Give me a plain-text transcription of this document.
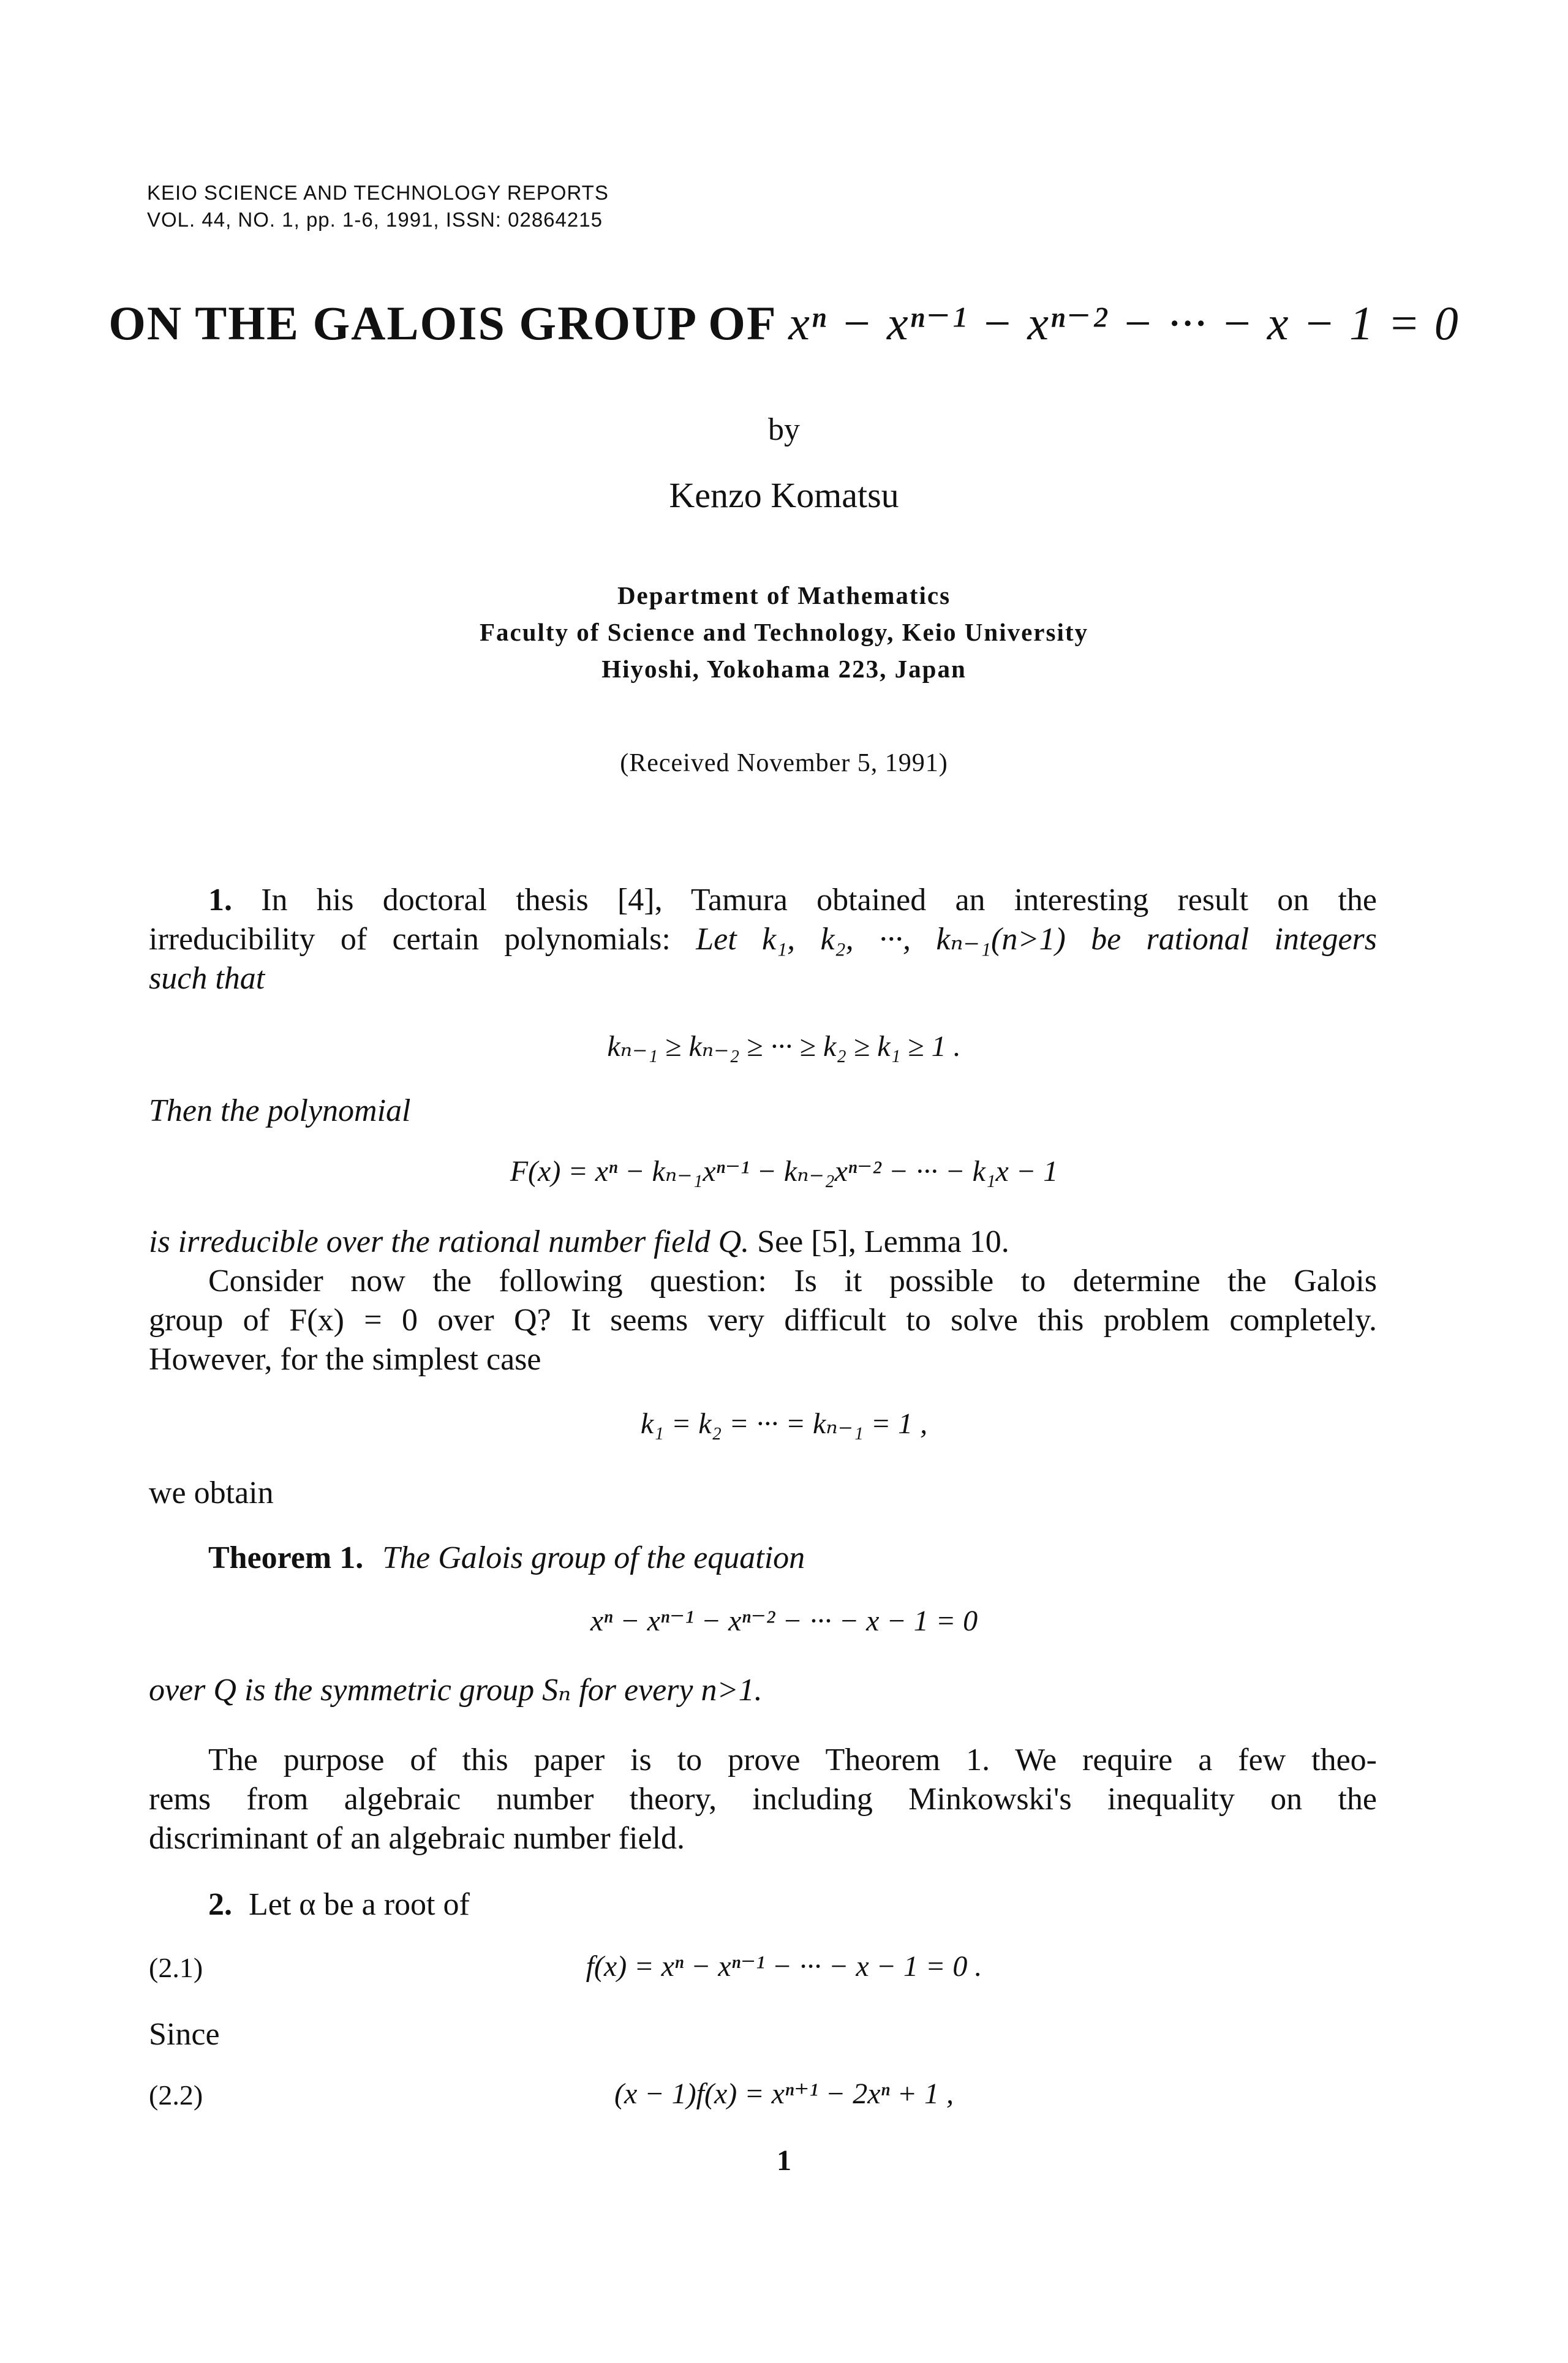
KEIO SCIENCE AND TECHNOLOGY REPORTS
VOL. 44, NO. 1, pp. 1-6, 1991, ISSN: 02864215
ON THE GALOIS GROUP OF xⁿ − xⁿ⁻¹ − xⁿ⁻² − ··· − x − 1 = 0
by
Kenzo Komatsu
Department of Mathematics
Faculty of Science and Technology, Keio University
Hiyoshi, Yokohama 223, Japan
(Received November 5, 1991)
1. In his doctoral thesis [4], Tamura obtained an interesting result on the
irreducibility of certain polynomials: Let k₁, k₂, ···, kₙ₋₁(n>1) be rational integers
such that
kₙ₋₁ ≥ kₙ₋₂ ≥ ··· ≥ k₂ ≥ k₁ ≥ 1 .
Then the polynomial
F(x) = xⁿ − kₙ₋₁xⁿ⁻¹ − kₙ₋₂xⁿ⁻² − ··· − k₁x − 1
is irreducible over the rational number field Q. See [5], Lemma 10.
Consider now the following question: Is it possible to determine the Galois
group of F(x) = 0 over Q? It seems very difficult to solve this problem completely.
However, for the simplest case
k₁ = k₂ = ··· = kₙ₋₁ = 1 ,
we obtain
Theorem 1. The Galois group of the equation
xⁿ − xⁿ⁻¹ − xⁿ⁻² − ··· − x − 1 = 0
over Q is the symmetric group Sₙ for every n>1.
The purpose of this paper is to prove Theorem 1. We require a few theo-
rems from algebraic number theory, including Minkowski's inequality on the
discriminant of an algebraic number field.
2. Let α be a root of
(2.1)	f(x) = xⁿ − xⁿ⁻¹ − ··· − x − 1 = 0 .
Since
(2.2)	(x − 1)f(x) = xⁿ⁺¹ − 2xⁿ + 1 ,
1
